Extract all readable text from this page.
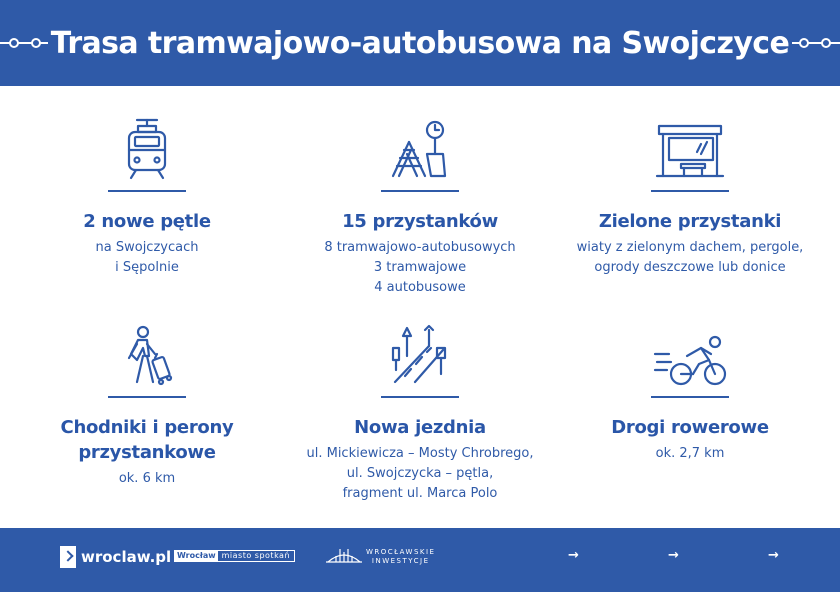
Trasa tramwajowo-autobusowa na Swojczyce
2 nowe pętle
na Swojczycach
i Sępolnie
15 przystanków
8 tramwajowo-autobusowych
3 tramwajowe
4 autobusowe
Zielone przystanki
wiaty z zielonym dachem, pergole,
ogrody deszczowe lub donice
Chodniki i perony
przystankowe
ok. 6 km
Nowa jezdnia
ul. Mickiewicza – Mosty Chrobrego,
ul. Swojczycka – pętla,
fragment ul. Marca Polo
Drogi rowerowe
ok. 2,7 km
wroclaw.pl Wrocław miasto spotkań	WROCŁAWSKIE
INWESTYCJE	→	→	→
